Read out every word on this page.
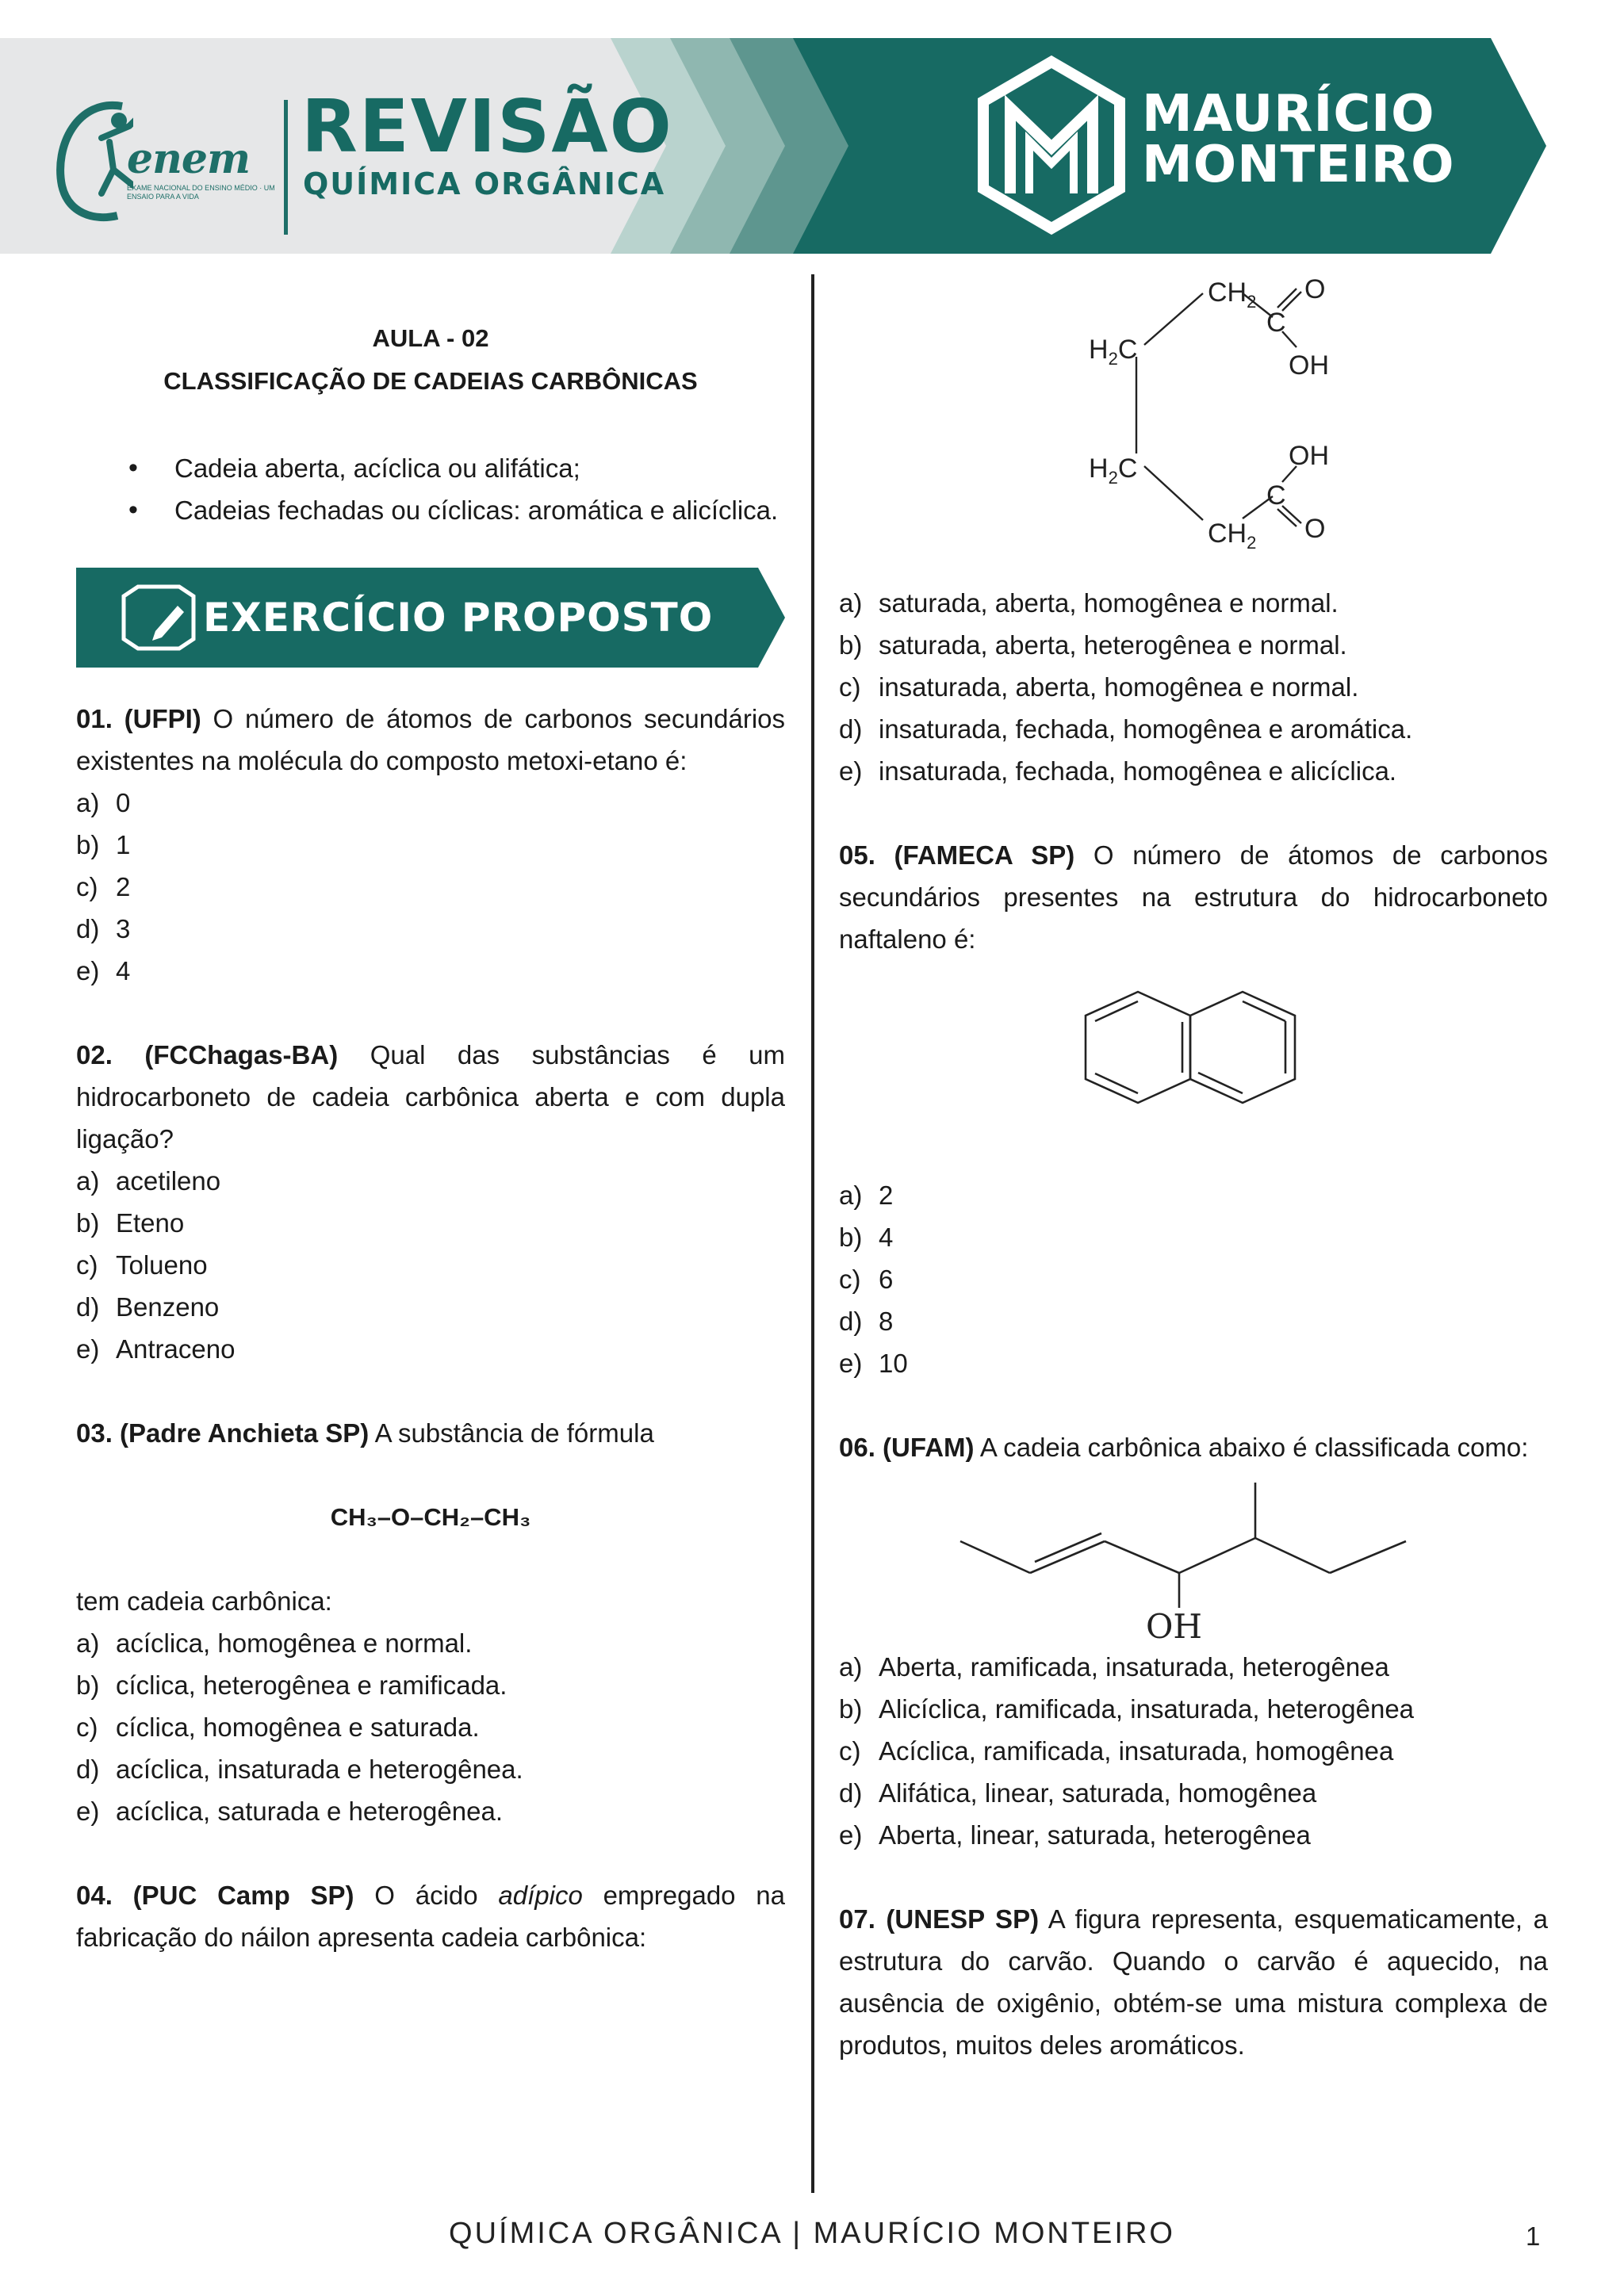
enem
EXAME NACIONAL DO ENSINO MÉDIO · UM ENSAIO PARA A VIDA
REVISÃO
QUÍMICA ORGÂNICA
MAURÍCIO
MONTEIRO
AULA - 02
CLASSIFICAÇÃO DE CADEIAS CARBÔNICAS
• Cadeia aberta, acíclica ou alifática;
• Cadeias fechadas ou cíclicas: aromática e alicíclica.
EXERCÍCIO PROPOSTO
01. (UFPI) O número de átomos de carbonos secundários existentes na molécula do composto metoxi-etano é:
a) 0
b) 1
c) 2
d) 3
e) 4
02. (FCChagas-BA) Qual das substâncias é um hidrocarboneto de cadeia carbônica aberta e com dupla ligação?
a) acetileno
b) Eteno
c) Tolueno
d) Benzeno
e) Antraceno
03. (Padre Anchieta SP) A substância de fórmula
CH₃–O–CH₂–CH₃
tem cadeia carbônica:
a) acíclica, homogênea e normal.
b) cíclica, heterogênea e ramificada.
c) cíclica, homogênea e saturada.
d) acíclica, insaturada e heterogênea.
e) acíclica, saturada e heterogênea.
04. (PUC Camp SP) O ácido adípico empregado na fabricação do náilon apresenta cadeia carbônica:
$CH_2$ O
C
OH
$H_2C$
$H_2C$	OH
C
O
$CH_2$
a) saturada, aberta, homogênea e normal.
b) saturada, aberta, heterogênea e normal.
c) insaturada, aberta, homogênea e normal.
d) insaturada, fechada, homogênea e aromática.
e) insaturada, fechada, homogênea e alicíclica.
05. (FAMECA SP) O número de átomos de carbonos secundários presentes na estrutura do hidrocarboneto naftaleno é:
a) 2
b) 4
c) 6
d) 8
e) 10
06. (UFAM) A cadeia carbônica abaixo é classificada como:
OH
a) Aberta, ramificada, insaturada, heterogênea
b) Alicíclica, ramificada, insaturada, heterogênea
c) Acíclica, ramificada, insaturada, homogênea
d) Alifática, linear, saturada, homogênea
e) Aberta, linear, saturada, heterogênea
07. (UNESP SP) A figura representa, esquematicamente, a estrutura do carvão. Quando o carvão é aquecido, na ausência de oxigênio, obtém-se uma mistura complexa de produtos, muitos deles aromáticos.
QUÍMICA ORGÂNICA | MAURÍCIO MONTEIRO	1
